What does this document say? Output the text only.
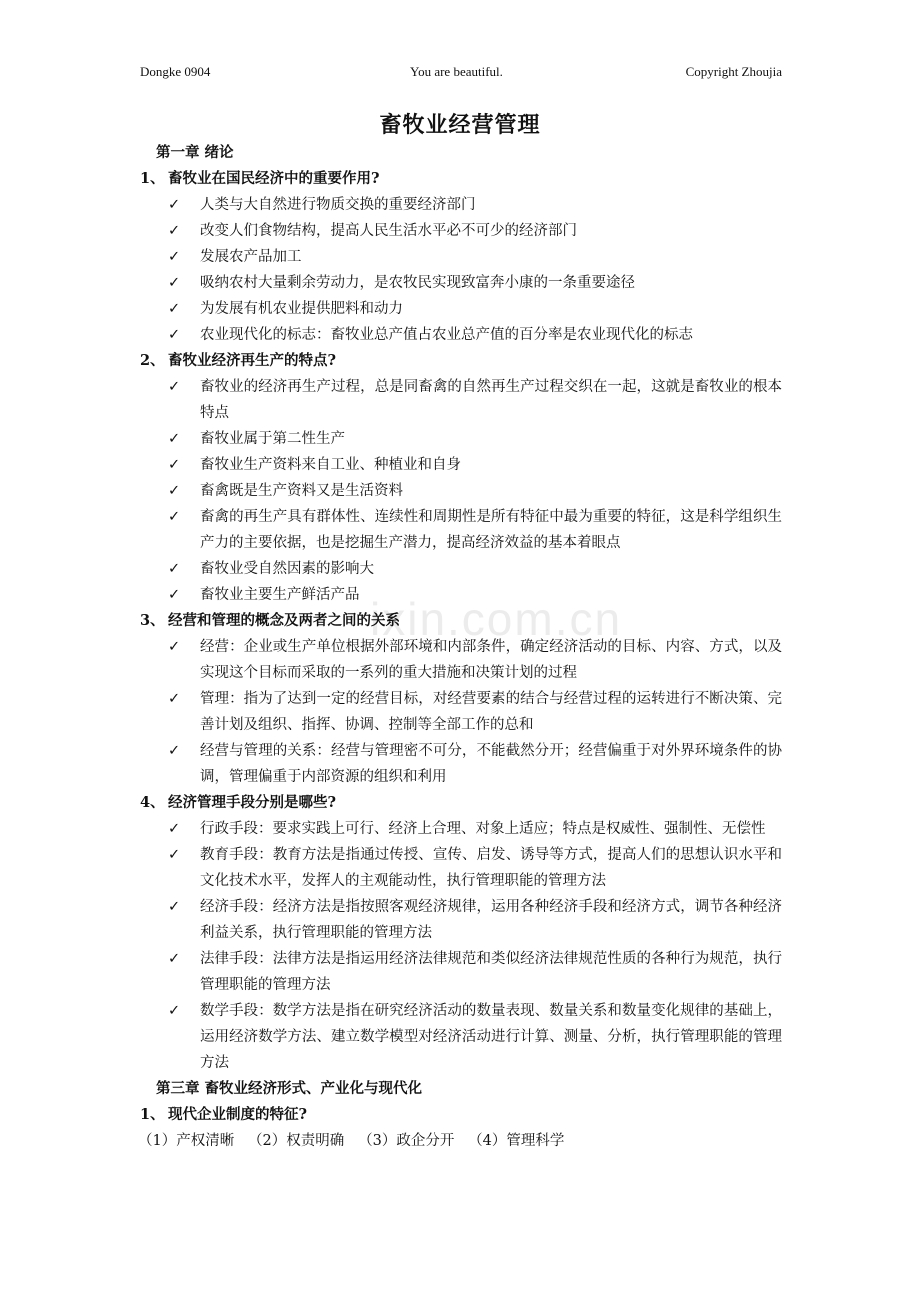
Dongke 0904	You are beautiful.	Copyright Zhoujia
畜牧业经营管理
ixin.com.cn
第一章 绪论
1、 畜牧业在国民经济中的重要作用?
✓ 人类与大自然进行物质交换的重要经济部门
✓ 改变人们食物结构，提高人民生活水平必不可少的经济部门
✓ 发展农产品加工
✓ 吸纳农村大量剩余劳动力，是农牧民实现致富奔小康的一条重要途径
✓ 为发展有机农业提供肥料和动力
✓ 农业现代化的标志：畜牧业总产值占农业总产值的百分率是农业现代化的标志
2、 畜牧业经济再生产的特点?
✓ 畜牧业的经济再生产过程，总是同畜禽的自然再生产过程交织在一起，这就是畜牧业的根本特点
✓ 畜牧业属于第二性生产
✓ 畜牧业生产资料来自工业、种植业和自身
✓ 畜禽既是生产资料又是生活资料
✓ 畜禽的再生产具有群体性、连续性和周期性是所有特征中最为重要的特征，这是科学组织生产力的主要依据，也是挖掘生产潜力，提高经济效益的基本着眼点
✓ 畜牧业受自然因素的影响大
✓ 畜牧业主要生产鲜活产品
3、 经营和管理的概念及两者之间的关系
✓ 经营：企业或生产单位根据外部环境和内部条件，确定经济活动的目标、内容、方式，以及实现这个目标而采取的一系列的重大措施和决策计划的过程
✓ 管理：指为了达到一定的经营目标，对经营要素的结合与经营过程的运转进行不断决策、完善计划及组织、指挥、协调、控制等全部工作的总和
✓ 经营与管理的关系：经营与管理密不可分，不能截然分开；经营偏重于对外界环境条件的协调，管理偏重于内部资源的组织和利用
4、 经济管理手段分别是哪些?
✓ 行政手段：要求实践上可行、经济上合理、对象上适应；特点是权威性、强制性、无偿性
✓ 教育手段：教育方法是指通过传授、宣传、启发、诱导等方式，提高人们的思想认识水平和文化技术水平，发挥人的主观能动性，执行管理职能的管理方法
✓ 经济手段：经济方法是指按照客观经济规律，运用各种经济手段和经济方式，调节各种经济利益关系，执行管理职能的管理方法
✓ 法律手段：法律方法是指运用经济法律规范和类似经济法律规范性质的各种行为规范，执行管理职能的管理方法
✓ 数学手段：数学方法是指在研究经济活动的数量表现、数量关系和数量变化规律的基础上，运用经济数学方法、建立数学模型对经济活动进行计算、测量、分析，执行管理职能的管理方法
第三章 畜牧业经济形式、产业化与现代化
1、 现代企业制度的特征?
（1）产权清晰   （2）权责明确   （3）政企分开   （4）管理科学
